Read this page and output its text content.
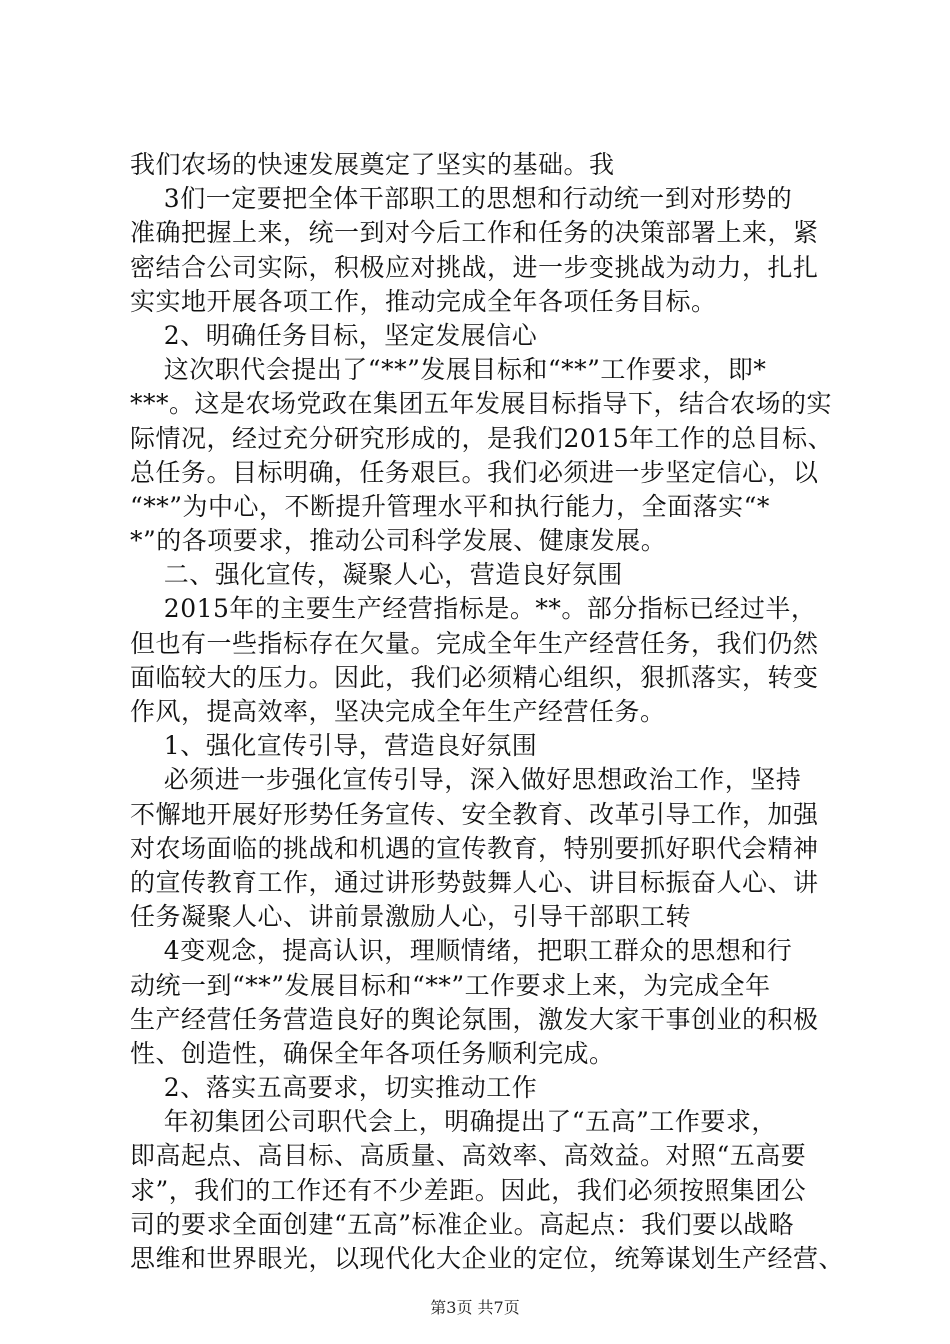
我们农场的快速发展奠定了坚实的基础。我
3们一定要把全体干部职工的思想和行动统一到对形势的
准确把握上来，统一到对今后工作和任务的决策部署上来，紧
密结合公司实际，积极应对挑战，进一步变挑战为动力，扎扎
实实地开展各项工作，推动完成全年各项任务目标。
2、明确任务目标，坚定发展信心
这次职代会提出了“**”发展目标和“**”工作要求，即*
***。这是农场党政在集团五年发展目标指导下，结合农场的实
际情况，经过充分研究形成的，是我们2015年工作的总目标、
总任务。目标明确，任务艰巨。我们必须进一步坚定信心，以
“**”为中心，不断提升管理水平和执行能力，全面落实“*
*”的各项要求，推动公司科学发展、健康发展。
二、强化宣传，凝聚人心，营造良好氛围
2015年的主要生产经营指标是。**。部分指标已经过半，
但也有一些指标存在欠量。完成全年生产经营任务，我们仍然
面临较大的压力。因此，我们必须精心组织，狠抓落实，转变
作风，提高效率，坚决完成全年生产经营任务。
1、强化宣传引导，营造良好氛围
必须进一步强化宣传引导，深入做好思想政治工作，坚持
不懈地开展好形势任务宣传、安全教育、改革引导工作，加强
对农场面临的挑战和机遇的宣传教育，特别要抓好职代会精神
的宣传教育工作，通过讲形势鼓舞人心、讲目标振奋人心、讲
任务凝聚人心、讲前景激励人心，引导干部职工转
4变观念，提高认识，理顺情绪，把职工群众的思想和行
动统一到“**”发展目标和“**”工作要求上来，为完成全年
生产经营任务营造良好的舆论氛围，激发大家干事创业的积极
性、创造性，确保全年各项任务顺利完成。
2、落实五高要求，切实推动工作
年初集团公司职代会上，明确提出了“五高”工作要求，
即高起点、高目标、高质量、高效率、高效益。对照“五高要
求”，我们的工作还有不少差距。因此，我们必须按照集团公
司的要求全面创建“五高”标准企业。高起点：我们要以战略
思维和世界眼光，以现代化大企业的定位，统筹谋划生产经营、
第3页 共7页
